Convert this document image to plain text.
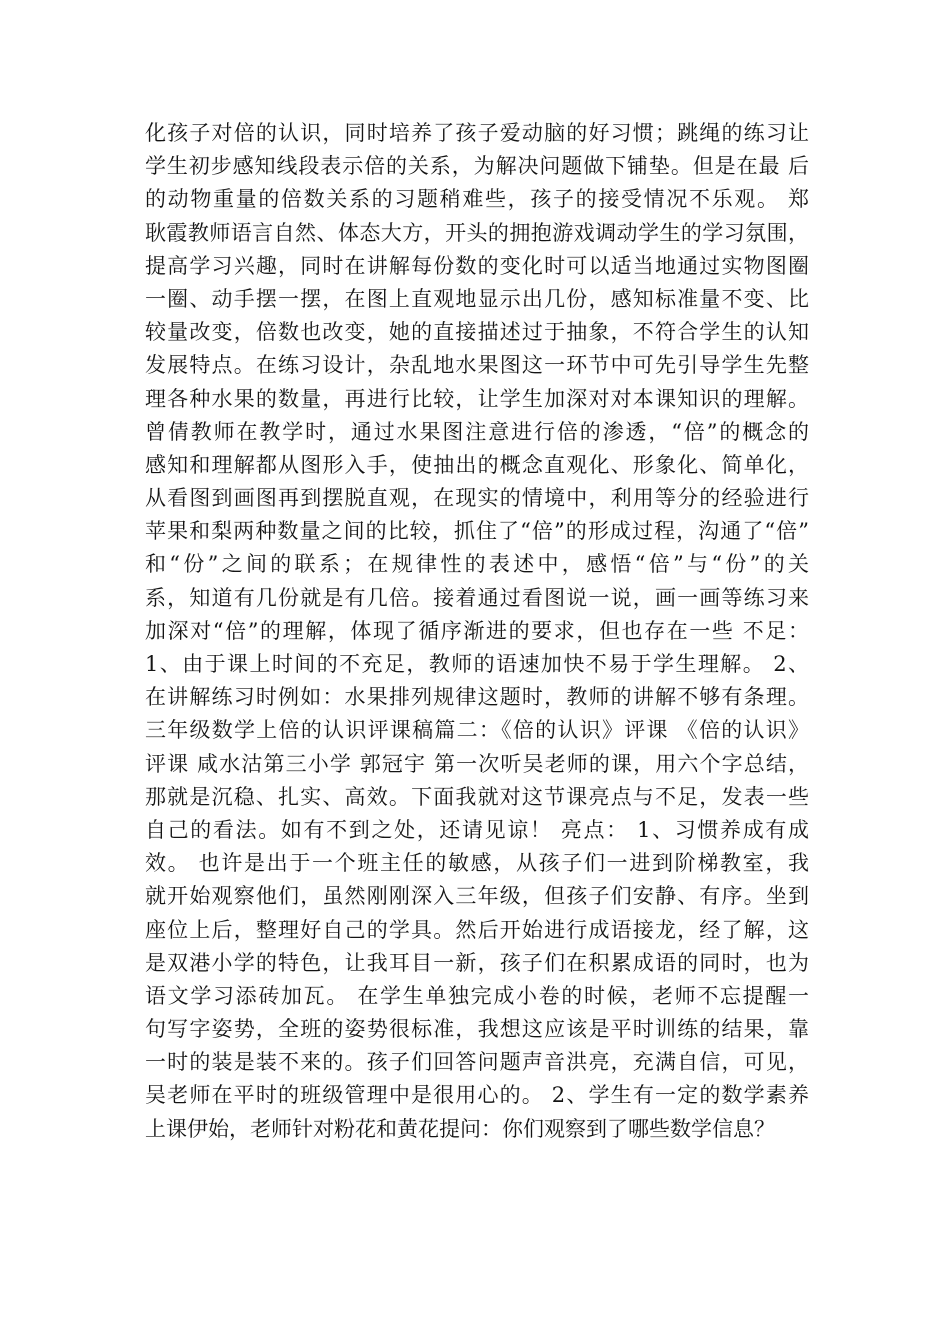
化孩子对倍的认识，同时培养了孩子爱动脑的好习惯；跳绳的练习让
学生初步感知线段表示倍的关系，为解决问题做下铺垫。但是在最 后
的动物重量的倍数关系的习题稍难些，孩子的接受情况不乐观。 郑
耿霞教师语言自然、体态大方，开头的拥抱游戏调动学生的学习氛围，
提高学习兴趣，同时在讲解每份数的变化时可以适当地通过实物图圈
一圈、动手摆一摆，在图上直观地显示出几份，感知标准量不变、比
较量改变，倍数也改变，她的直接描述过于抽象，不符合学生的认知
发展特点。在练习设计，杂乱地水果图这一环节中可先引导学生先整
理各种水果的数量，再进行比较，让学生加深对对本课知识的理解。
曾倩教师在教学时，通过水果图注意进行倍的渗透，“倍”的概念的
感知和理解都从图形入手，使抽出的概念直观化、形象化、简单化，
从看图到画图再到摆脱直观，在现实的情境中，利用等分的经验进行
苹果和梨两种数量之间的比较，抓住了“倍”的形成过程，沟通了“倍”
和“份”之间的联系；在规律性的表述中，感悟“倍”与“份”的关
系，知道有几份就是有几倍。接着通过看图说一说，画一画等练习来
加深对“倍”的理解，体现了循序渐进的要求，但也存在一些 不足：
1、由于课上时间的不充足，教师的语速加快不易于学生理解。 2、
在讲解练习时例如：水果排列规律这题时，教师的讲解不够有条理。
三年级数学上倍的认识评课稿篇二：《倍的认识》评课 《倍的认识》
评课 咸水沽第三小学 郭冠宇 第一次听吴老师的课，用六个字总结，
那就是沉稳、扎实、高效。下面我就对这节课亮点与不足，发表一些
自己的看法。如有不到之处，还请见谅！ 亮点： 1、习惯养成有成
效。 也许是出于一个班主任的敏感，从孩子们一进到阶梯教室，我
就开始观察他们，虽然刚刚深入三年级，但孩子们安静、有序。坐到
座位上后，整理好自己的学具。然后开始进行成语接龙，经了解，这
是双港小学的特色，让我耳目一新，孩子们在积累成语的同时，也为
语文学习添砖加瓦。 在学生单独完成小卷的时候，老师不忘提醒一
句写字姿势，全班的姿势很标准，我想这应该是平时训练的结果，靠
一时的装是装不来的。孩子们回答问题声音洪亮，充满自信，可见，
吴老师在平时的班级管理中是很用心的。 2、学生有一定的数学素养
上课伊始，老师针对粉花和黄花提问：你们观察到了哪些数学信息？
